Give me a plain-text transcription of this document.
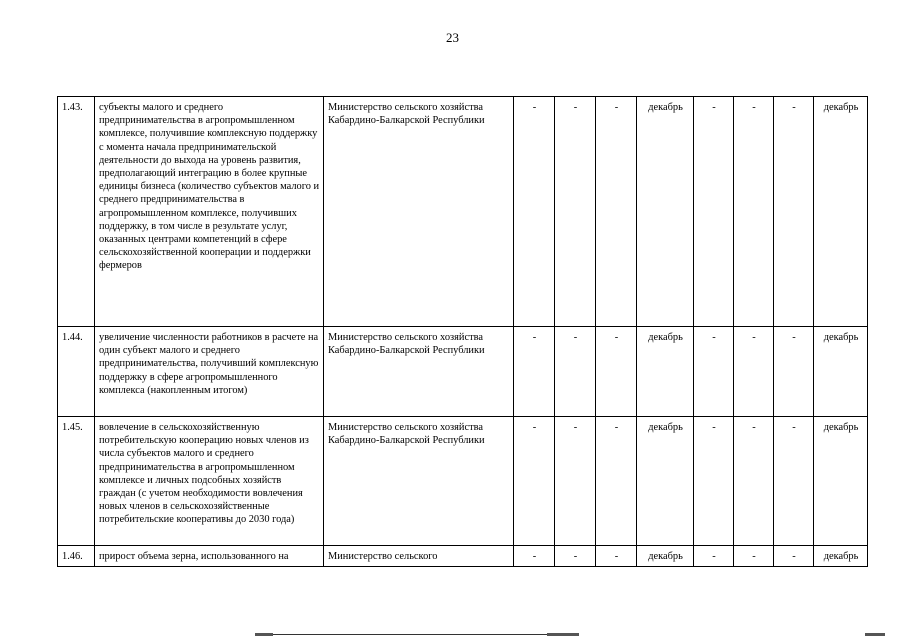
23
1.43.	субъекты малого и среднего предпринимательства в агропромышленном комплексе, получившие комплексную поддержку с момента начала предпринимательской деятельности до выхода на уровень развития, предполагающий интеграцию в более крупные единицы бизнеса (количество субъектов малого и среднего предпринимательства в агропромышленном комплексе, получивших поддержку, в том числе в результате услуг, оказанных центрами компетенций в сфере сельскохозяйственной кооперации и поддержки фермеров	Министерство сельского хозяйства Кабардино-Балкарской Республики	-	-	-	декабрь	-	-	-	декабрь
1.44.	увеличение численности работников в расчете на один субъект малого и среднего предпринимательства, получивший комплексную поддержку в сфере агропромышленного комплекса (накопленным итогом)	Министерство сельского хозяйства Кабардино-Балкарской Республики	-	-	-	декабрь	-	-	-	декабрь
1.45.	вовлечение в сельскохозяйственную потребительскую кооперацию новых членов из числа субъектов малого и среднего предпринимательства в агропромышленном комплексе и личных подсобных хозяйств граждан (с учетом необходимости вовлечения новых членов в сельскохозяйственные потребительские кооперативы до 2030 года)	Министерство сельского хозяйства Кабардино-Балкарской Республики	-	-	-	декабрь	-	-	-	декабрь
1.46.	прирост объема зерна, использованного на	Министерство сельского	-	-	-	декабрь	-	-	-	декабрь
